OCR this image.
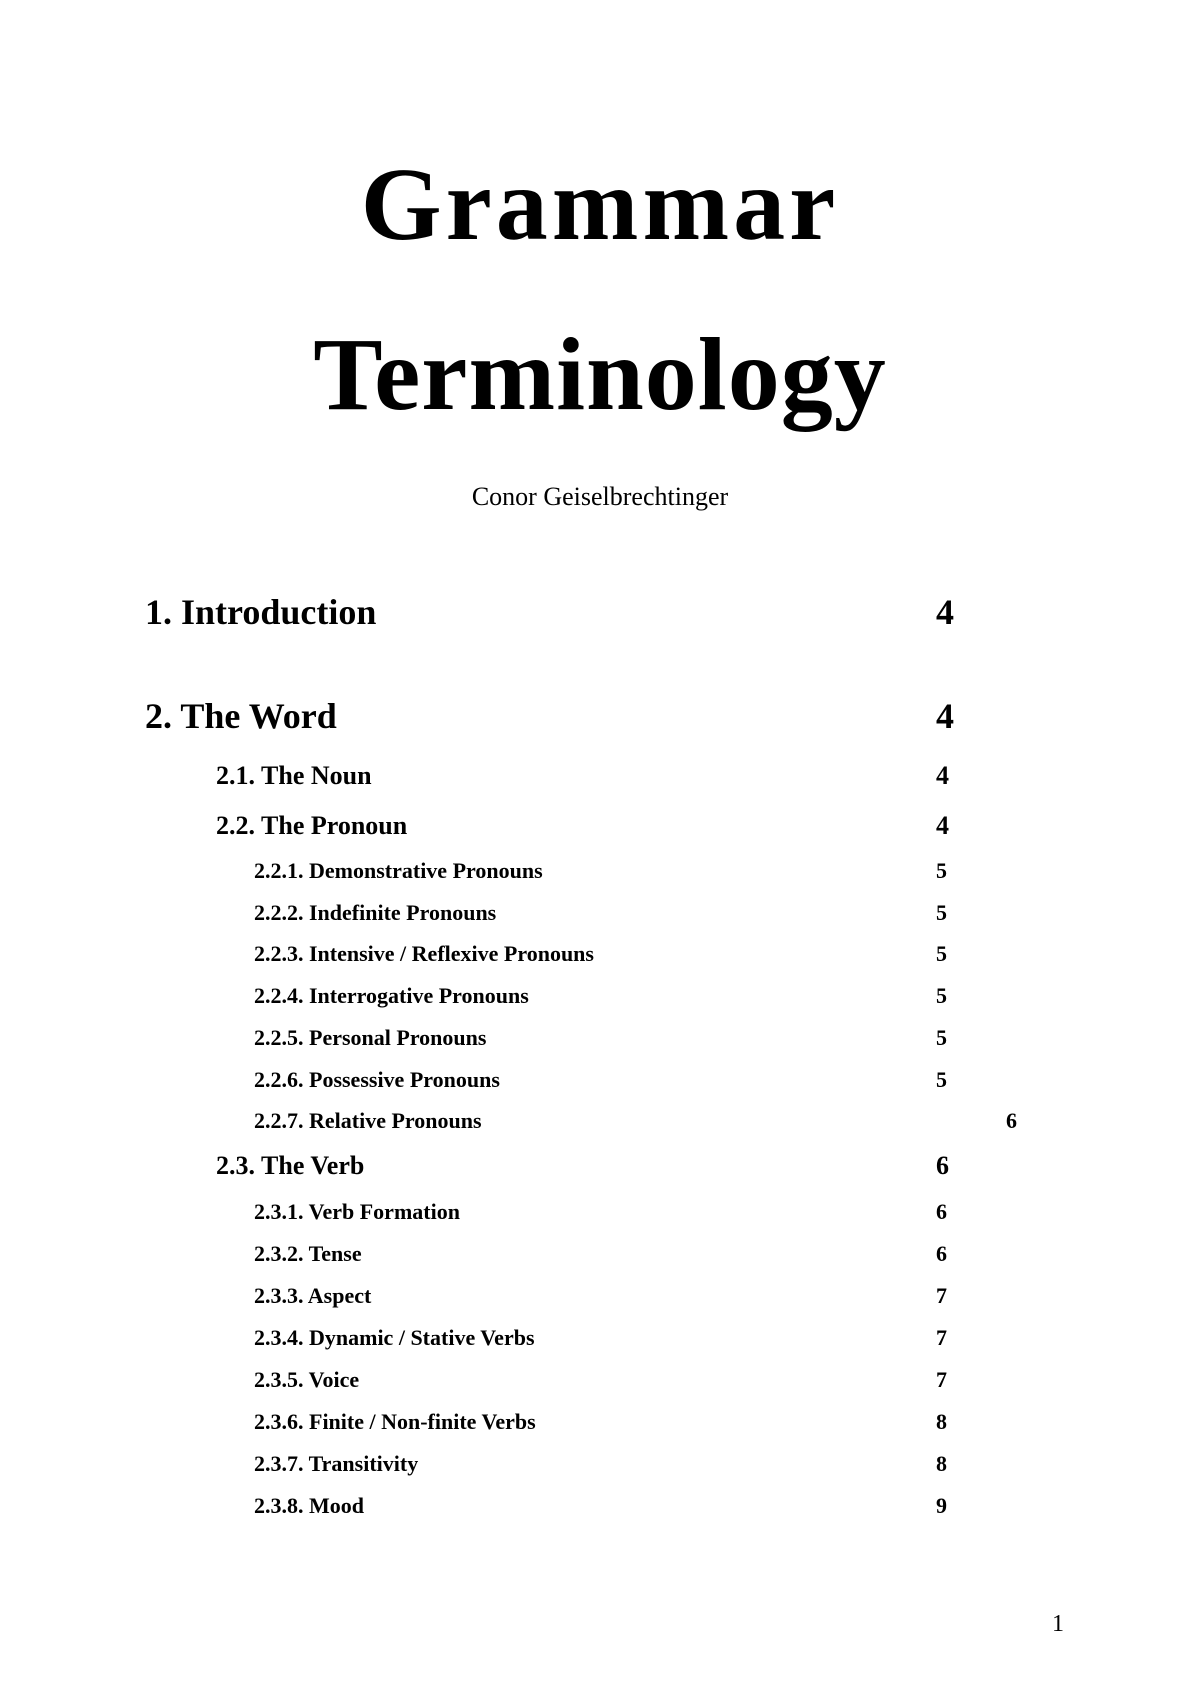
Grammar
Terminology
Conor Geiselbrechtinger
1. Introduction	4
2. The Word	4
2.1. The Noun	4
2.2. The Pronoun	4
2.2.1. Demonstrative Pronouns	5
2.2.2. Indefinite Pronouns	5
2.2.3. Intensive / Reflexive Pronouns	5
2.2.4. Interrogative Pronouns	5
2.2.5. Personal Pronouns	5
2.2.6. Possessive Pronouns	5
2.2.7. Relative Pronouns	6
2.3. The Verb	6
2.3.1. Verb Formation	6
2.3.2. Tense	6
2.3.3. Aspect	7
2.3.4. Dynamic / Stative Verbs	7
2.3.5. Voice	7
2.3.6. Finite / Non-finite Verbs	8
2.3.7. Transitivity	8
2.3.8. Mood	9
1
